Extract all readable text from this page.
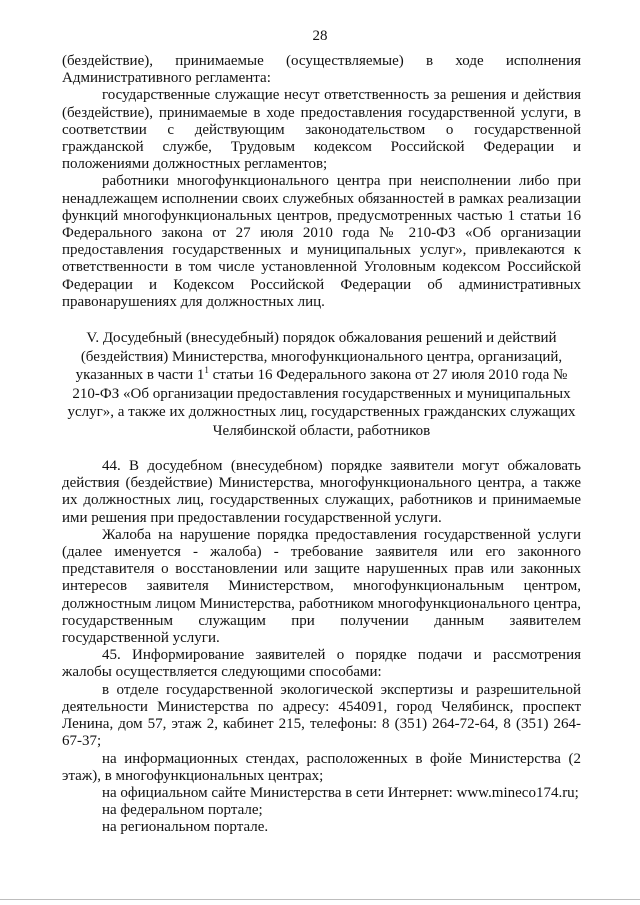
28

(бездействие), принимаемые (осуществляемые) в ходе исполнения Административного регламента:

государственные служащие несут ответственность за решения и действия (бездействие), принимаемые в ходе предоставления государственной услуги, в соответствии с действующим законодательством о государственной гражданской службе, Трудовым кодексом Российской Федерации и положениями должностных регламентов;

работники многофункционального центра при неисполнении либо при ненадлежащем исполнении своих служебных обязанностей в рамках реализации функций многофункциональных центров, предусмотренных частью 1 статьи 16 Федерального закона от 27 июля 2010 года № 210-ФЗ «Об организации предоставления государственных и муниципальных услуг», привлекаются к ответственности в том числе установленной Уголовным кодексом Российской Федерации и Кодексом Российской Федерации об административных правонарушениях для должностных лиц.

V. Досудебный (внесудебный) порядок обжалования решений и действий (бездействия) Министерства, многофункционального центра, организаций, указанных в части $1^1$ статьи 16 Федерального закона от 27 июля 2010 года № 210-ФЗ «Об организации предоставления государственных и муниципальных услуг», а также их должностных лиц, государственных гражданских служащих Челябинской области, работников

44. В досудебном (внесудебном) порядке заявители могут обжаловать действия (бездействие) Министерства, многофункционального центра, а также их должностных лиц, государственных служащих, работников и принимаемые ими решения при предоставлении государственной услуги.

Жалоба на нарушение порядка предоставления государственной услуги (далее именуется - жалоба) - требование заявителя или его законного представителя о восстановлении или защите нарушенных прав или законных интересов заявителя Министерством, многофункциональным центром, должностным лицом Министерства, работником многофункционального центра, государственным служащим при получении данным заявителем государственной услуги.

45. Информирование заявителей о порядке подачи и рассмотрения жалобы осуществляется следующими способами:

в отделе государственной экологической экспертизы и разрешительной деятельности Министерства по адресу: 454091, город Челябинск, проспект Ленина, дом 57, этаж 2, кабинет 215, телефоны: 8 (351) 264-72-64, 8 (351) 264-67-37;

на информационных стендах, расположенных в фойе Министерства (2 этаж), в многофункциональных центрах;

на официальном сайте Министерства в сети Интернет: www.mineco174.ru;

на федеральном портале;

на региональном портале.
